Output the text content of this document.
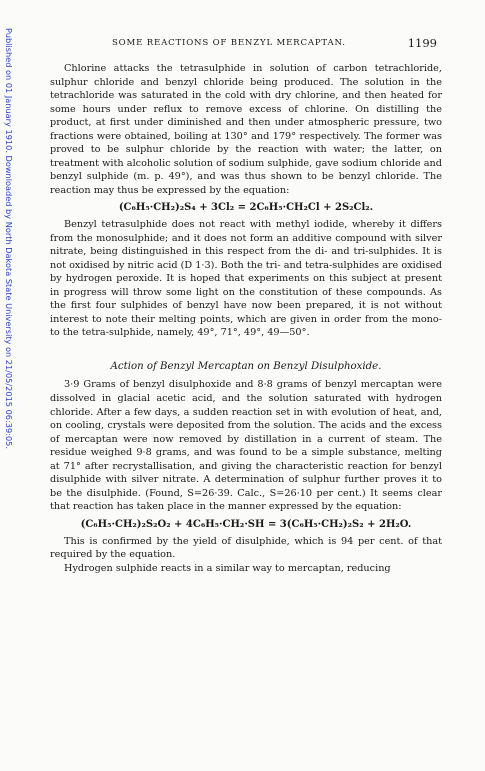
Published on 01 January 1910. Downloaded by North Dakota State University on 21/05/2015 06:39:05.	SOME REACTIONS OF BENZYL MERCAPTAN.	1199

Chlorine attacks the tetrasulphide in solution of carbon tetrachloride, sulphur chloride and benzyl chloride being produced. The solution in the tetrachloride was saturated in the cold with dry chlorine, and then heated for some hours under reflux to remove excess of chlorine. On distilling the product, at first under diminished and then under atmospheric pressure, two fractions were obtained, boiling at 130° and 179° respectively. The former was proved to be sulphur chloride by the reaction with water; the latter, on treatment with alcoholic solution of sodium sulphide, gave sodium chloride and benzyl sulphide (m. p. 49°), and was thus shown to be benzyl chloride. The reaction may thus be expressed by the equation:

(C₆H₅·CH₂)₂S₄ + 3Cl₂ = 2C₆H₅·CH₂Cl + 2S₂Cl₂.

Benzyl tetrasulphide does not react with methyl iodide, whereby it differs from the monosulphide; and it does not form an additive compound with silver nitrate, being distinguished in this respect from the di- and tri-sulphides. It is not oxidised by nitric acid (D 1·3). Both the tri- and tetra-sulphides are oxidised by hydrogen peroxide. It is hoped that experiments on this subject at present in progress will throw some light on the constitution of these compounds. As the first four sulphides of benzyl have now been prepared, it is not without interest to note their melting points, which are given in order from the mono- to the tetra-sulphide, namely, 49°, 71°, 49°, 49—50°.

Action of Benzyl Mercaptan on Benzyl Disulphoxide.

3·9 Grams of benzyl disulphoxide and 8·8 grams of benzyl mercaptan were dissolved in glacial acetic acid, and the solution saturated with hydrogen chloride. After a few days, a sudden reaction set in with evolution of heat, and, on cooling, crystals were deposited from the solution. The acids and the excess of mercaptan were now removed by distillation in a current of steam. The residue weighed 9·8 grams, and was found to be a simple substance, melting at 71° after recrystallisation, and giving the characteristic reaction for benzyl disulphide with silver nitrate. A determination of sulphur further proves it to be the disulphide. (Found, S=26·39. Calc., S=26·10 per cent.) It seems clear that reaction has taken place in the manner expressed by the equation:

(C₆H₅·CH₂)₂S₂O₂ + 4C₆H₅·CH₂·SH = 3(C₆H₅·CH₂)₂S₂ + 2H₂O.

This is confirmed by the yield of disulphide, which is 94 per cent. of that required by the equation.

Hydrogen sulphide reacts in a similar way to mercaptan, reducing
